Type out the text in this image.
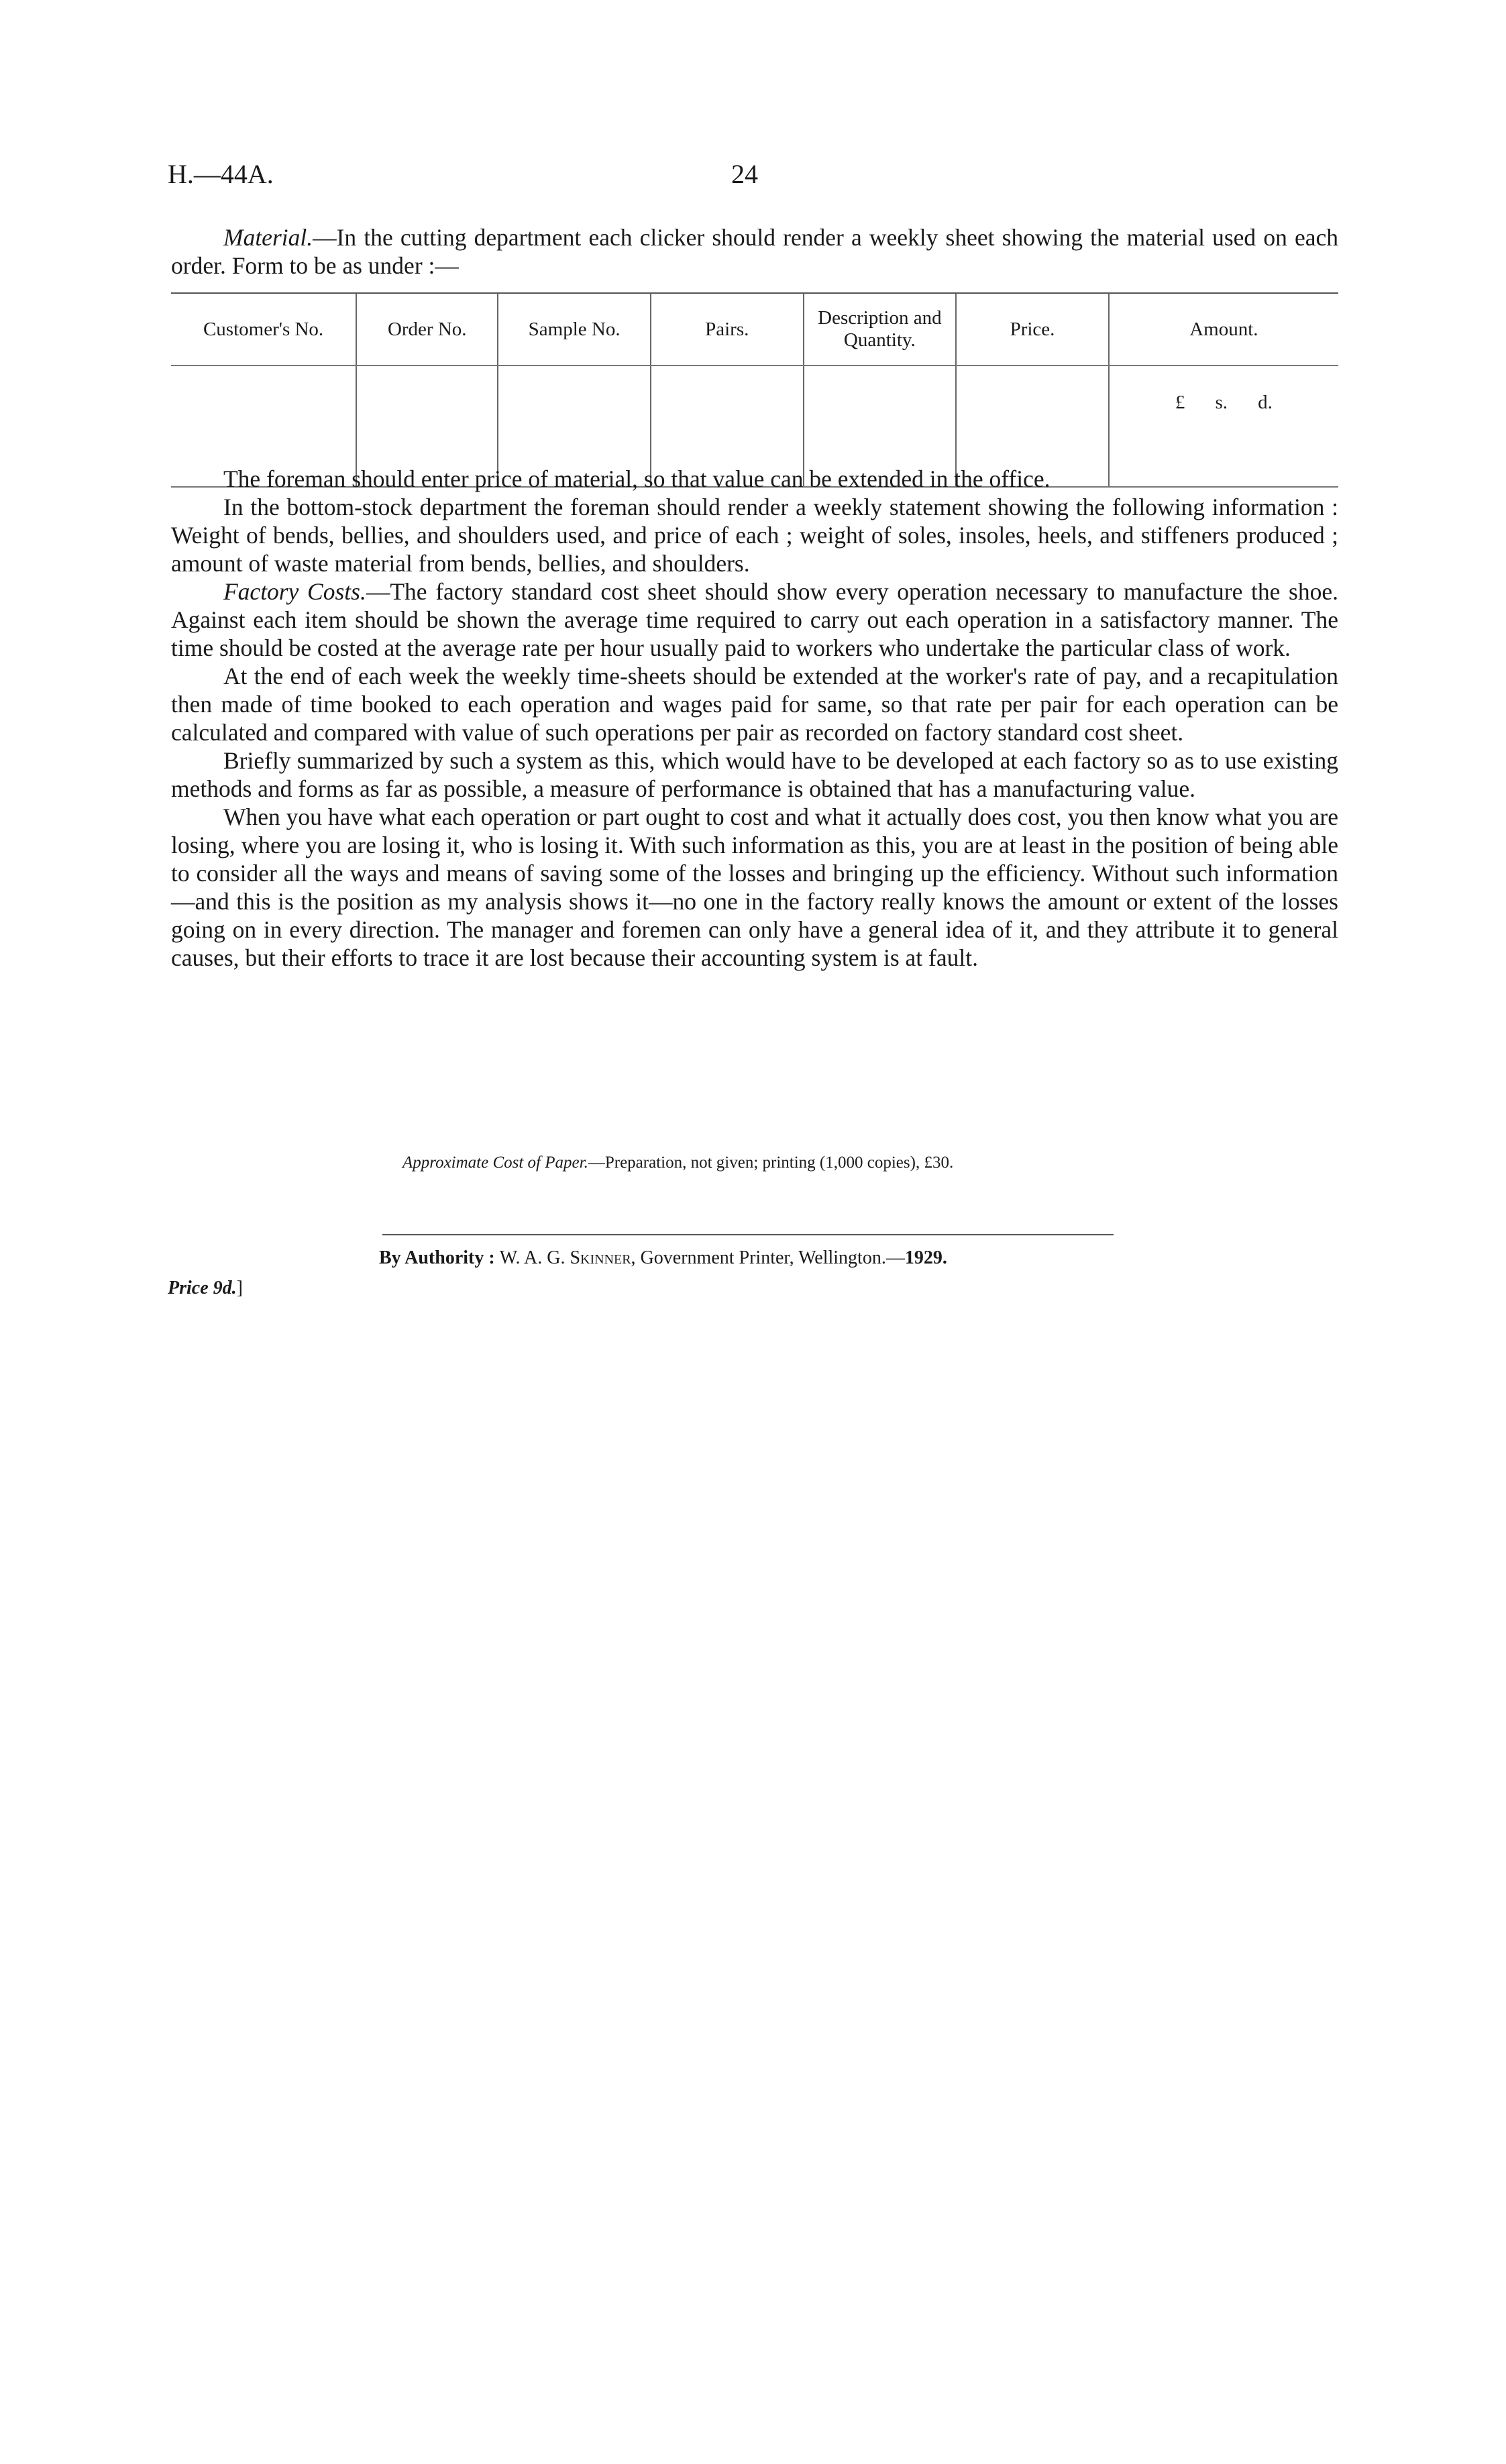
H.—44A.	24

Material.—In the cutting department each clicker should render a weekly sheet showing the material used on each order. Form to be as under :—

Customer's No.	Order No.	Sample No.	Pairs.	Description and Quantity.	Price.	Amount.

						£ s. d.

The foreman should enter price of material, so that value can be extended in the office.

In the bottom-stock department the foreman should render a weekly statement showing the following information : Weight of bends, bellies, and shoulders used, and price of each ; weight of soles, insoles, heels, and stiffeners produced ; amount of waste material from bends, bellies, and shoulders.

Factory Costs.—The factory standard cost sheet should show every operation necessary to manufacture the shoe. Against each item should be shown the average time required to carry out each operation in a satisfactory manner. The time should be costed at the average rate per hour usually paid to workers who undertake the particular class of work.

At the end of each week the weekly time-sheets should be extended at the worker's rate of pay, and a recapitulation then made of time booked to each operation and wages paid for same, so that rate per pair for each operation can be calculated and compared with value of such operations per pair as recorded on factory standard cost sheet.

Briefly summarized by such a system as this, which would have to be developed at each factory so as to use existing methods and forms as far as possible, a measure of performance is obtained that has a manufacturing value.

When you have what each operation or part ought to cost and what it actually does cost, you then know what you are losing, where you are losing it, who is losing it. With such information as this, you are at least in the position of being able to consider all the ways and means of saving some of the losses and bringing up the efficiency. Without such information—and this is the position as my analysis shows it—no one in the factory really knows the amount or extent of the losses going on in every direction. The manager and foremen can only have a general idea of it, and they attribute it to general causes, but their efforts to trace it are lost because their accounting system is at fault.

Approximate Cost of Paper.—Preparation, not given; printing (1,000 copies), £30.
By Authority : W. A. G. Skinner, Government Printer, Wellington.—1929.
Price 9d.]
